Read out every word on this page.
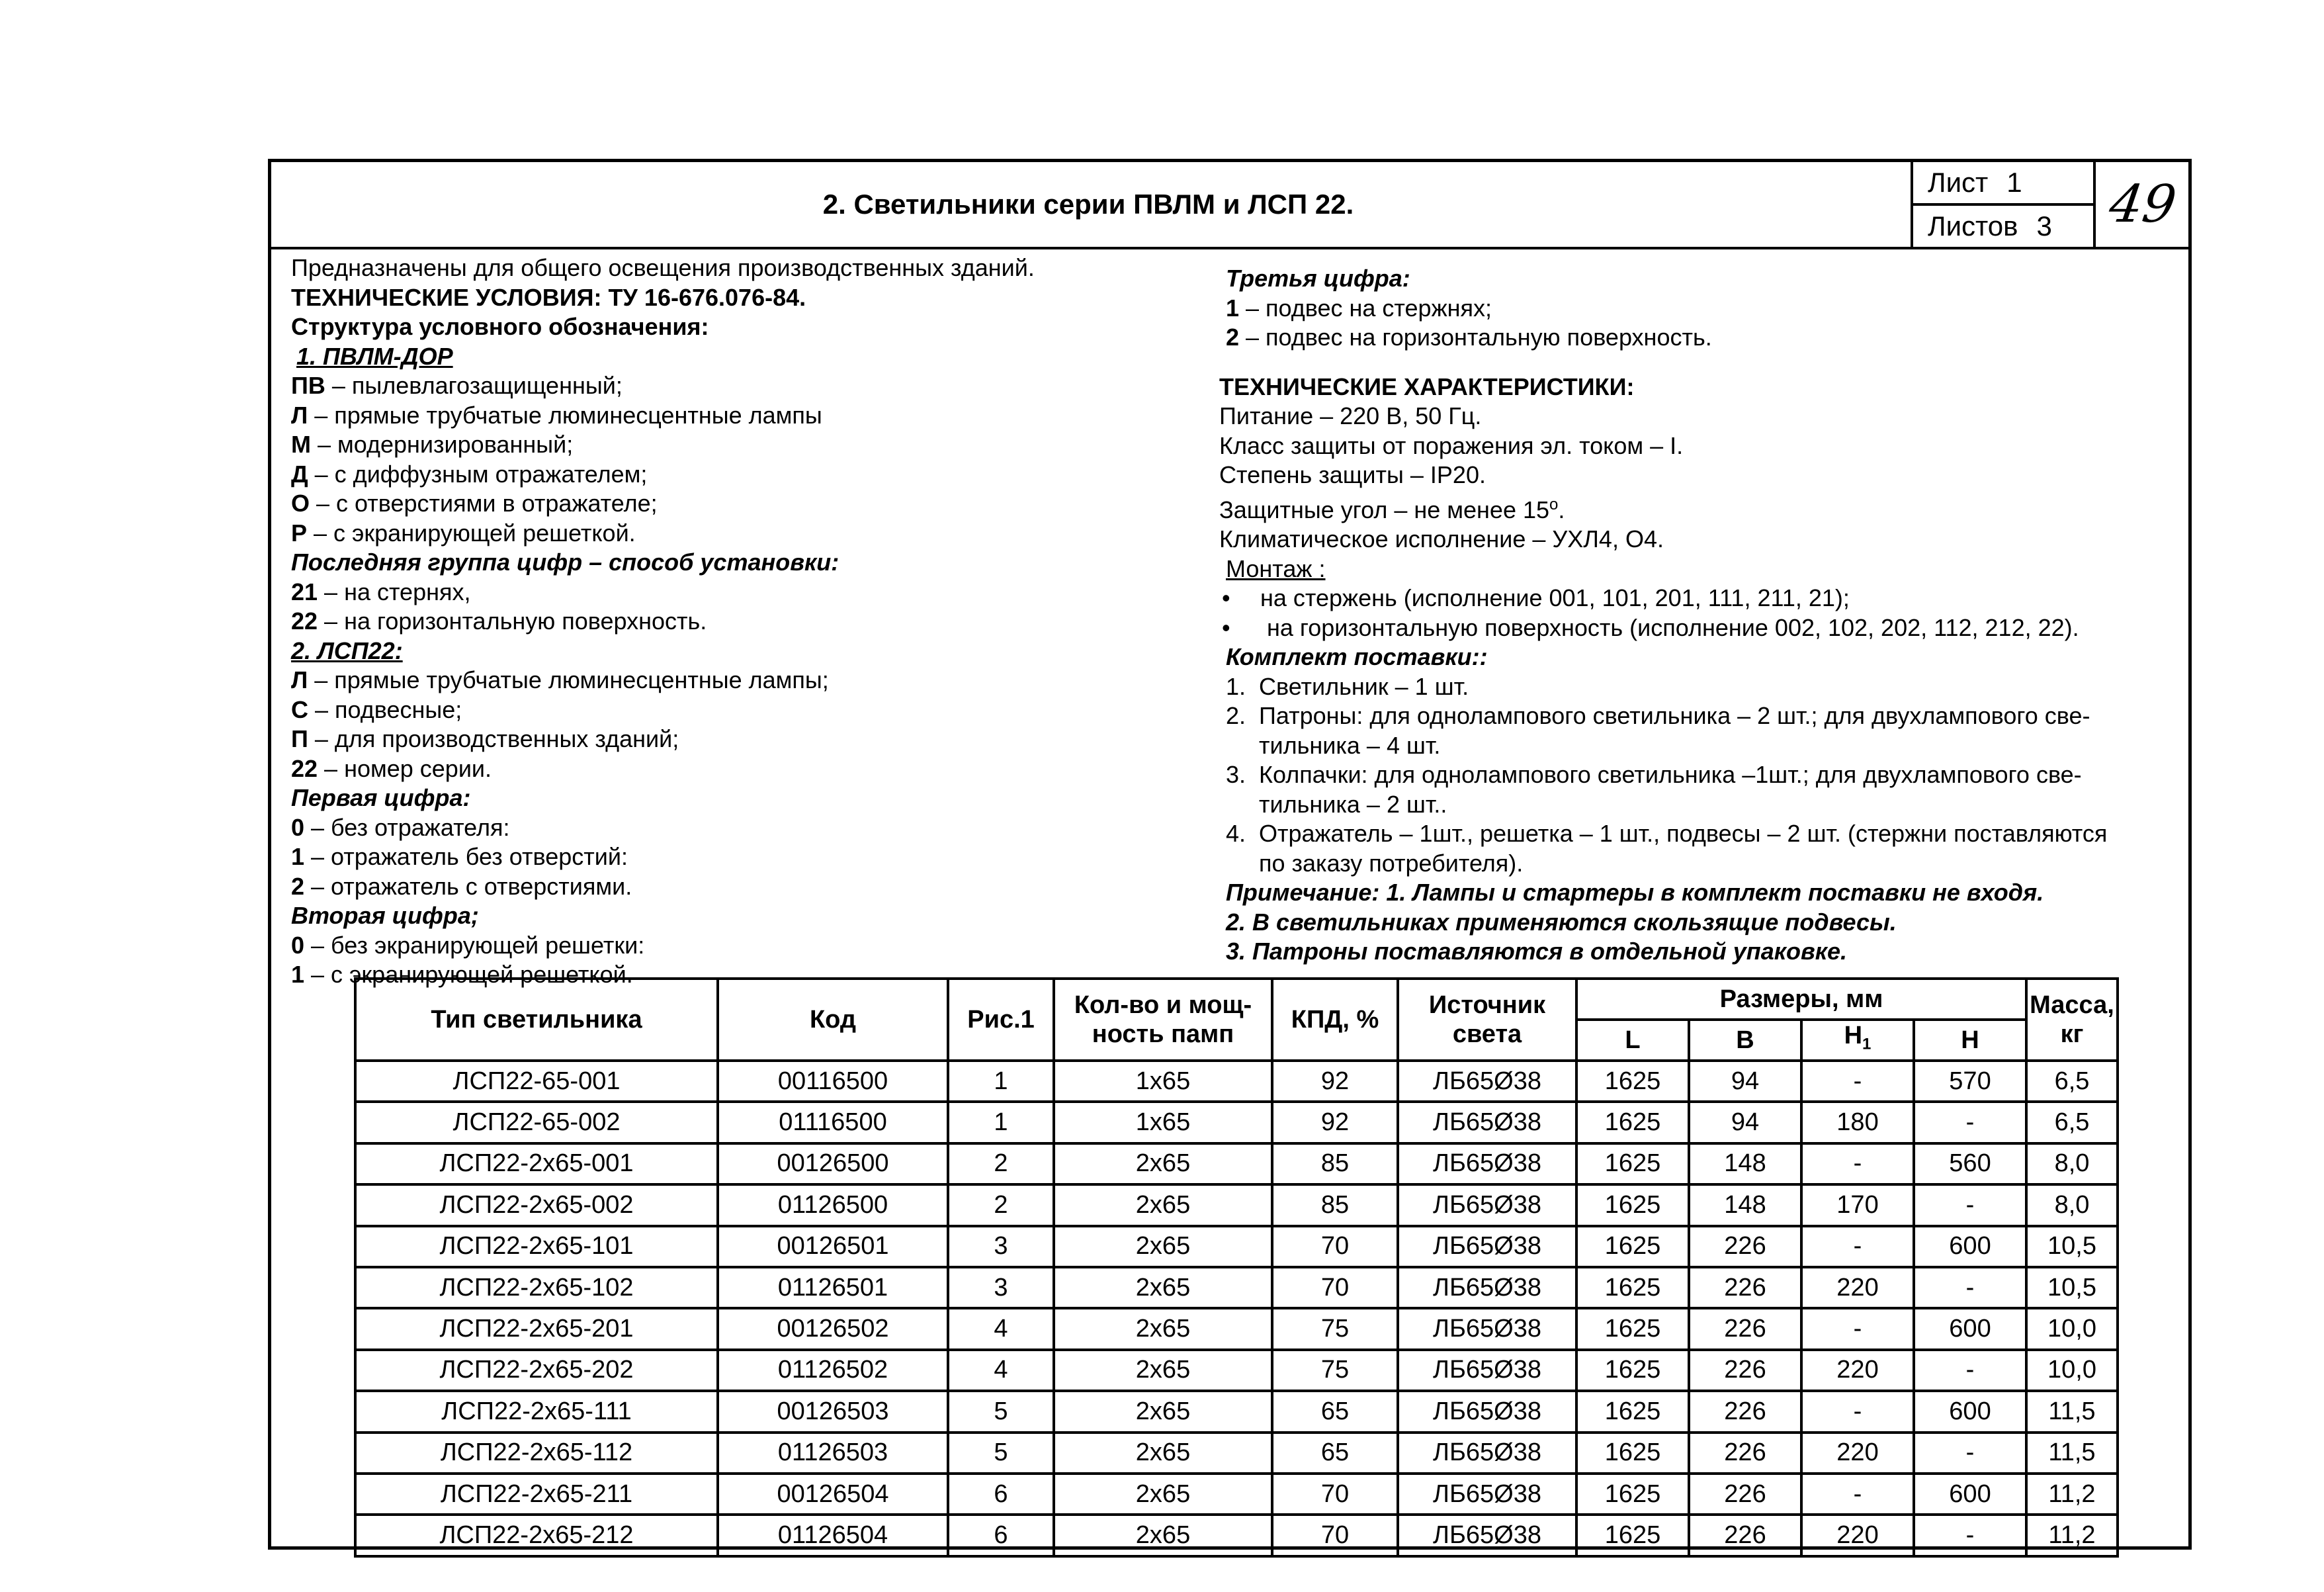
2. Светильники серии ПВЛМ и ЛСП 22.
Лист 1
Листов 3 49
Предназначены для общего освещения производственных зданий.
ТЕХНИЧЕСКИЕ УСЛОВИЯ: ТУ 16-676.076-84.
Структура условного обозначения:
1. ПВЛМ-ДОР
ПВ – пылевлагозащищенный;
Л – прямые трубчатые люминесцентные лампы
М – модернизированный;
Д – с диффузным отражателем;
О – с отверстиями в отражателе;
Р – с экранирующей решеткой.
Последняя группа цифр – способ установки:
21 – на стернях,
22 – на горизонтальную поверхность.
2. ЛСП22:
Л – прямые трубчатые люминесцентные лампы;
С – подвесные;
П – для производственных зданий;
22 – номер серии.
Первая цифра:
0 – без отражателя:
1 – отражатель без отверстий:
2 – отражатель с отверстиями.
Вторая цифра;
0 – без экранирующей решетки:
1 – с экранирующей решеткой.
Третья цифра:
1 – подвес на стержнях;
2 – подвес на горизонтальную поверхность.
ТЕХНИЧЕСКИЕ ХАРАКТЕРИСТИКИ:
Питание – 220 В, 50 Гц.
Класс защиты от поражения эл. током – I.
Степень защиты – IP20.
Защитные угол – не менее $15^о$.
Климатическое исполнение – УХЛ4, О4.
Монтаж :
• на стержень (исполнение 001, 101, 201, 111, 211, 21);
• на горизонтальную поверхность (исполнение 002, 102, 202, 112, 212, 22).
Комплект поставки::
1. Светильник – 1 шт.
2. Патроны: для однолампового светильника – 2 шт.; для двухлампового све-
тильника – 4 шт.
3. Колпачки: для однолампового светильника –1шт.; для двухлампового све-
тильника – 2 шт..
4. Отражатель – 1шт., решетка – 1 шт., подвесы – 2 шт. (стержни поставляются
по заказу потребителя).
Примечание: 1. Лампы и стартеры в комплект поставки не входя.
2. В светильниках применяются скользящие подвесы.
3. Патроны поставляются в отдельной упаковке.
Тип светильника	Код	Рис.1	Кол-во и мощ-
ность памп	КПД, %	Источник
света	Размеры, мм				Масса,
кг
						L	B	$H_1$	H	
ЛСП22-65-001	00116500	1	1х65	92	ЛБ65Ø38	1625	94	-	570	6,5
ЛСП22-65-002	01116500	1	1х65	92	ЛБ65Ø38	1625	94	180	-	6,5
ЛСП22-2х65-001	00126500	2	2х65	85	ЛБ65Ø38	1625	148	-	560	8,0
ЛСП22-2х65-002	01126500	2	2х65	85	ЛБ65Ø38	1625	148	170	-	8,0
ЛСП22-2х65-101	00126501	3	2х65	70	ЛБ65Ø38	1625	226	-	600	10,5
ЛСП22-2х65-102	01126501	3	2х65	70	ЛБ65Ø38	1625	226	220	-	10,5
ЛСП22-2х65-201	00126502	4	2х65	75	ЛБ65Ø38	1625	226	-	600	10,0
ЛСП22-2х65-202	01126502	4	2х65	75	ЛБ65Ø38	1625	226	220	-	10,0
ЛСП22-2х65-111	00126503	5	2х65	65	ЛБ65Ø38	1625	226	-	600	11,5
ЛСП22-2х65-112	01126503	5	2х65	65	ЛБ65Ø38	1625	226	220	-	11,5
ЛСП22-2х65-211	00126504	6	2х65	70	ЛБ65Ø38	1625	226	-	600	11,2
ЛСП22-2х65-212	01126504	6	2х65	70	ЛБ65Ø38	1625	226	220	-	11,2
